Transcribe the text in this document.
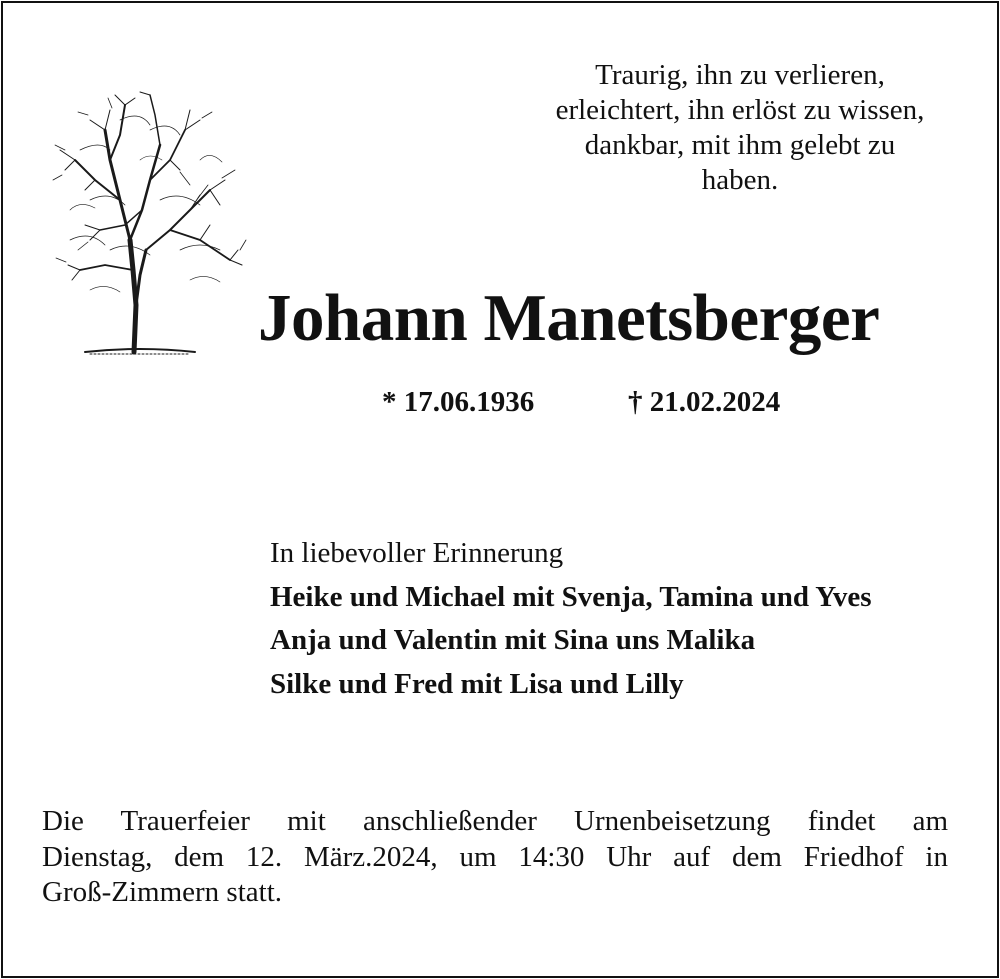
Traurig, ihn zu verlieren,
erleichtert, ihn erlöst zu wissen,
dankbar, mit ihm gelebt zu
haben.
Johann Manetsberger
* 17.06.1936	† 21.02.2024
In liebevoller Erinnerung
Heike und Michael mit Svenja, Tamina und Yves
Anja und Valentin mit Sina uns Malika
Silke und Fred mit Lisa und Lilly
Die Trauerfeier mit anschließender Urnenbeisetzung findet am
Dienstag, dem 12. März.2024, um 14:30 Uhr auf dem Friedhof in
Groß-Zimmern statt.
